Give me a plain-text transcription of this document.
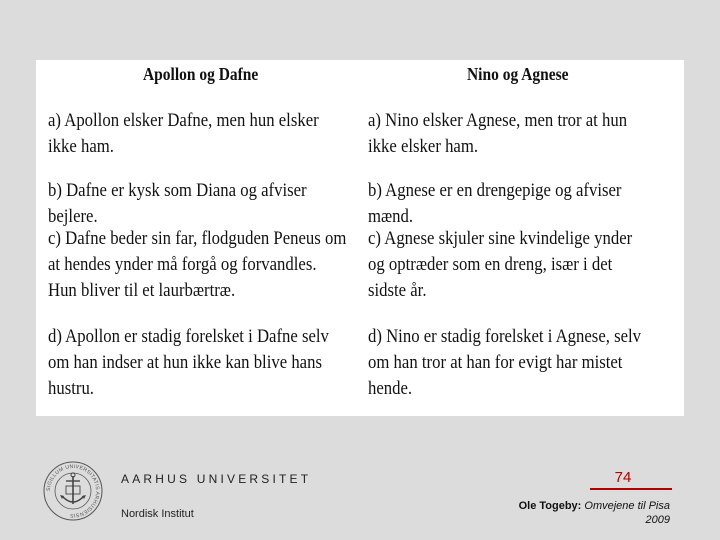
Apollon og Dafne	Nino og Agnese
a) Apollon elsker Dafne, men hun elsker ikke ham.
b) Dafne er kysk som Diana og afviser bejlere.
c) Dafne beder sin far, flodguden Peneus om at hendes ynder må forgå og forvandles. Hun bliver til et laurbærtræ.
d) Apollon er stadig forelsket i Dafne selv om han indser at hun ikke kan blive hans hustru.
a) Nino elsker Agnese, men tror at hun ikke elsker ham.
b) Agnese er en drengepige og afviser mænd.
c) Agnese skjuler sine kvindelige ynder og optræder som en dreng, især i det sidste år.
d) Nino er stadig forelsket i Agnese, selv om han tror at han for evigt har mistet hende.
SIGILLUM UNIVERSITATIS ARHUSIENSIS
AARHUS UNIVERSITET
Nordisk Institut
74
Ole Togeby: Omvejene til Pisa
2009
